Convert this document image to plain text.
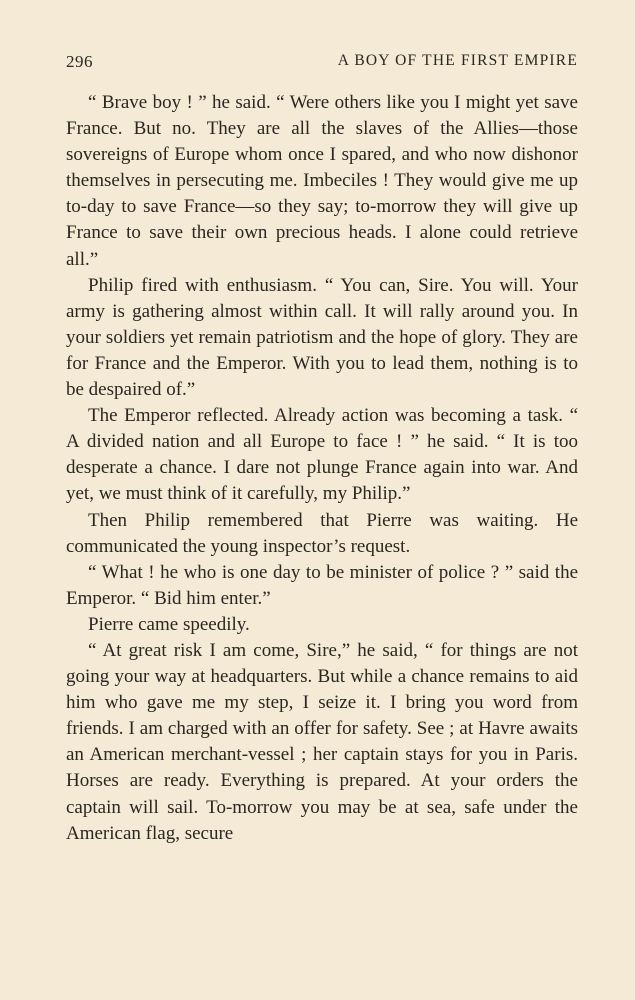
296	A BOY OF THE FIRST EMPIRE

“ Brave boy ! ” he said. “ Were others like you I might yet save France. But no. They are all the slaves of the Allies—those sovereigns of Europe whom once I spared, and who now dishonor themselves in persecuting me. Imbeciles ! They would give me up to-day to save France—so they say; to-morrow they will give up France to save their own precious heads. I alone could retrieve all.”

Philip fired with enthusiasm. “ You can, Sire. You will. Your army is gathering almost within call. It will rally around you. In your soldiers yet remain patriotism and the hope of glory. They are for France and the Emperor. With you to lead them, nothing is to be despaired of.”

The Emperor reflected. Already action was becoming a task. “ A divided nation and all Europe to face ! ” he said. “ It is too desperate a chance. I dare not plunge France again into war. And yet, we must think of it carefully, my Philip.”

Then Philip remembered that Pierre was waiting. He communicated the young inspector’s request.

“ What ! he who is one day to be minister of police ? ” said the Emperor. “ Bid him enter.”

Pierre came speedily.

“ At great risk I am come, Sire,” he said, “ for things are not going your way at headquarters. But while a chance remains to aid him who gave me my step, I seize it. I bring you word from friends. I am charged with an offer for safety. See ; at Havre awaits an American merchant-vessel ; her captain stays for you in Paris. Horses are ready. Everything is prepared. At your orders the captain will sail. To-morrow you may be at sea, safe under the American flag, secure
